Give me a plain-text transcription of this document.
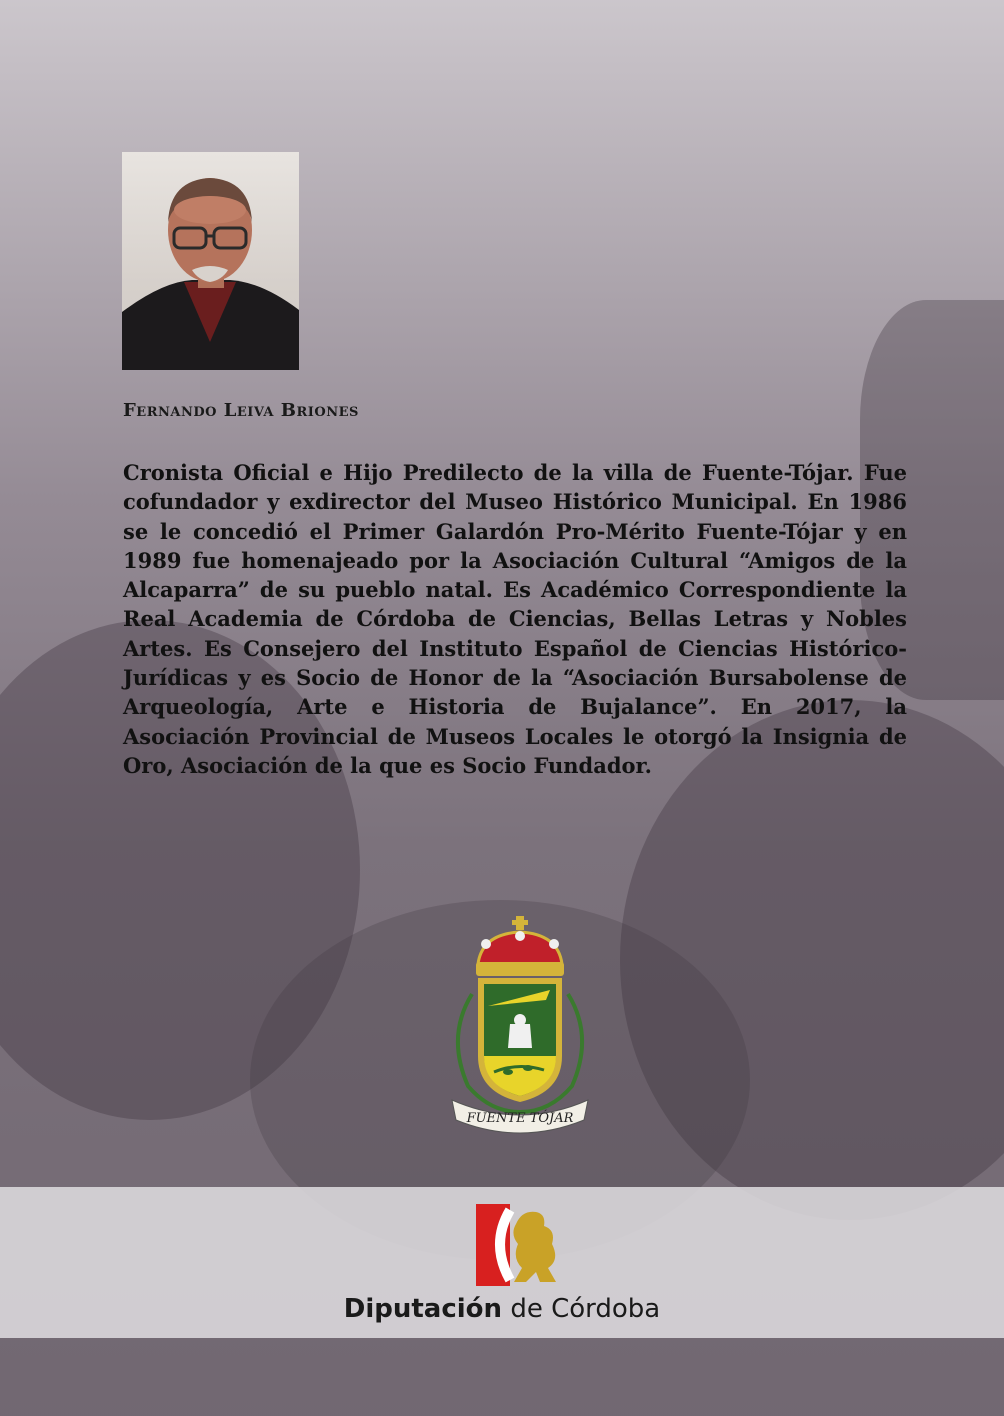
Fernando Leiva Briones

Cronista Oficial e Hijo Predilecto de la villa de Fuente-Tójar. Fue cofundador y exdirector del Museo Histórico Municipal. En 1986 se le concedió el Primer Galardón Pro-Mérito Fuente-Tójar y en 1989 fue homenajeado por la Asociación Cultural “Amigos de la Alcaparra” de su pueblo natal. Es Académico Correspondiente la Real Academia de Córdoba de Ciencias, Bellas Letras y Nobles Artes. Es Consejero del Instituto Español de Ciencias Histórico-Jurídicas y es Socio de Honor de la “Asociación Bursabolense de Arqueología, Arte e Historia de Bujalance”. En 2017, la Asociación Provincial de Museos Locales le otorgó la Insignia de Oro, Asociación de la que es Socio Fundador.

FUENTE TÓJAR
Diputación de Córdoba
